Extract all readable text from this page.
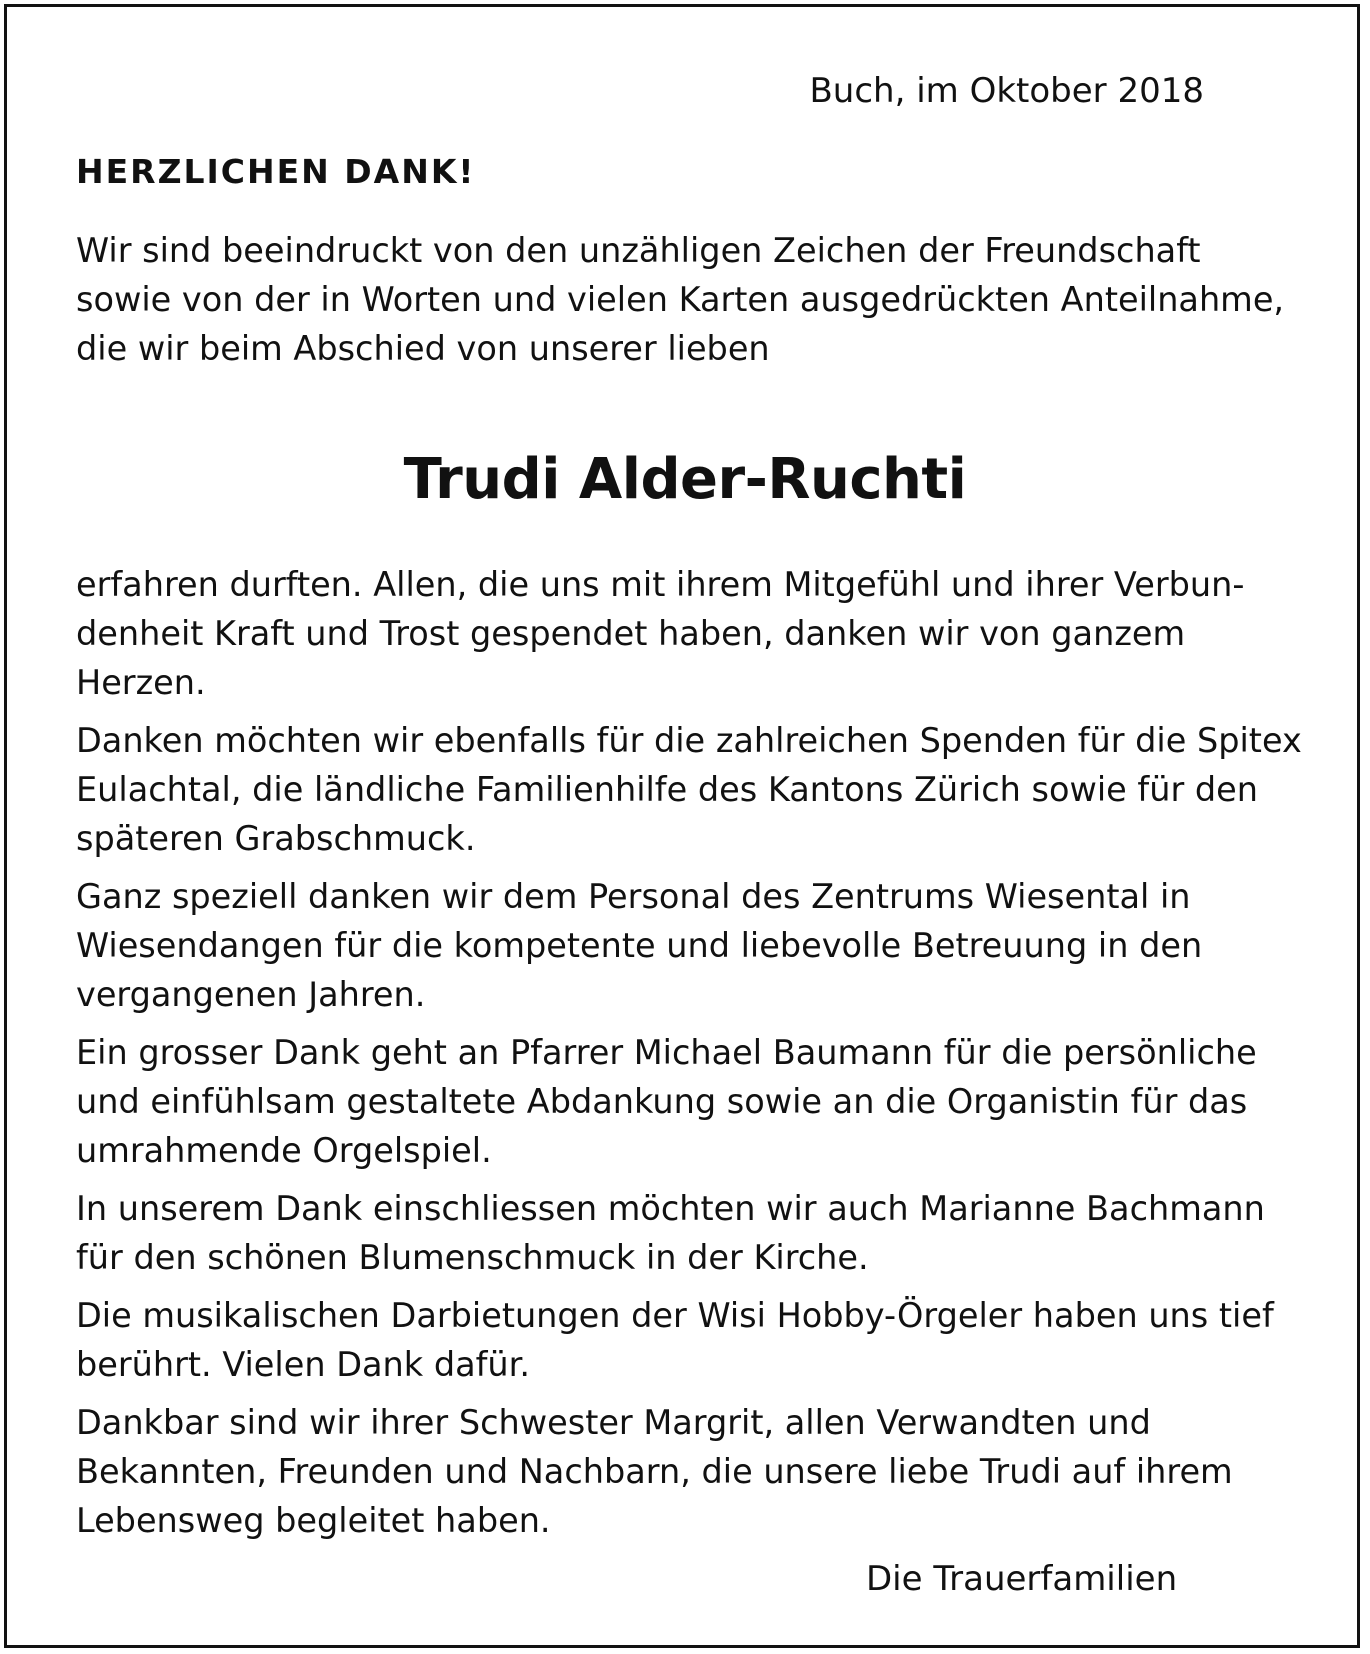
Buch, im Oktober 2018
HERZLICHEN DANK!

Wir sind beeindruckt von den unzähligen Zeichen der Freundschaft
sowie von der in Worten und vielen Karten ausgedrückten Anteilnahme,
die wir beim Abschied von unserer lieben

Trudi Alder-Ruchti

erfahren durften. Allen, die uns mit ihrem Mitgefühl und ihrer Verbun-
denheit Kraft und Trost gespendet haben, danken wir von ganzem
Herzen.

Danken möchten wir ebenfalls für die zahlreichen Spenden für die Spitex
Eulachtal, die ländliche Familienhilfe des Kantons Zürich sowie für den
späteren Grabschmuck.

Ganz speziell danken wir dem Personal des Zentrums Wiesental in
Wiesendangen für die kompetente und liebevolle Betreuung in den
vergangenen Jahren.

Ein grosser Dank geht an Pfarrer Michael Baumann für die persönliche
und einfühlsam gestaltete Abdankung sowie an die Organistin für das
umrahmende Orgelspiel.

In unserem Dank einschliessen möchten wir auch Marianne Bachmann
für den schönen Blumenschmuck in der Kirche.

Die musikalischen Darbietungen der Wisi Hobby-Örgeler haben uns tief
berührt. Vielen Dank dafür.

Dankbar sind wir ihrer Schwester Margrit, allen Verwandten und
Bekannten, Freunden und Nachbarn, die unsere liebe Trudi auf ihrem
Lebensweg begleitet haben.

Die Trauerfamilien
